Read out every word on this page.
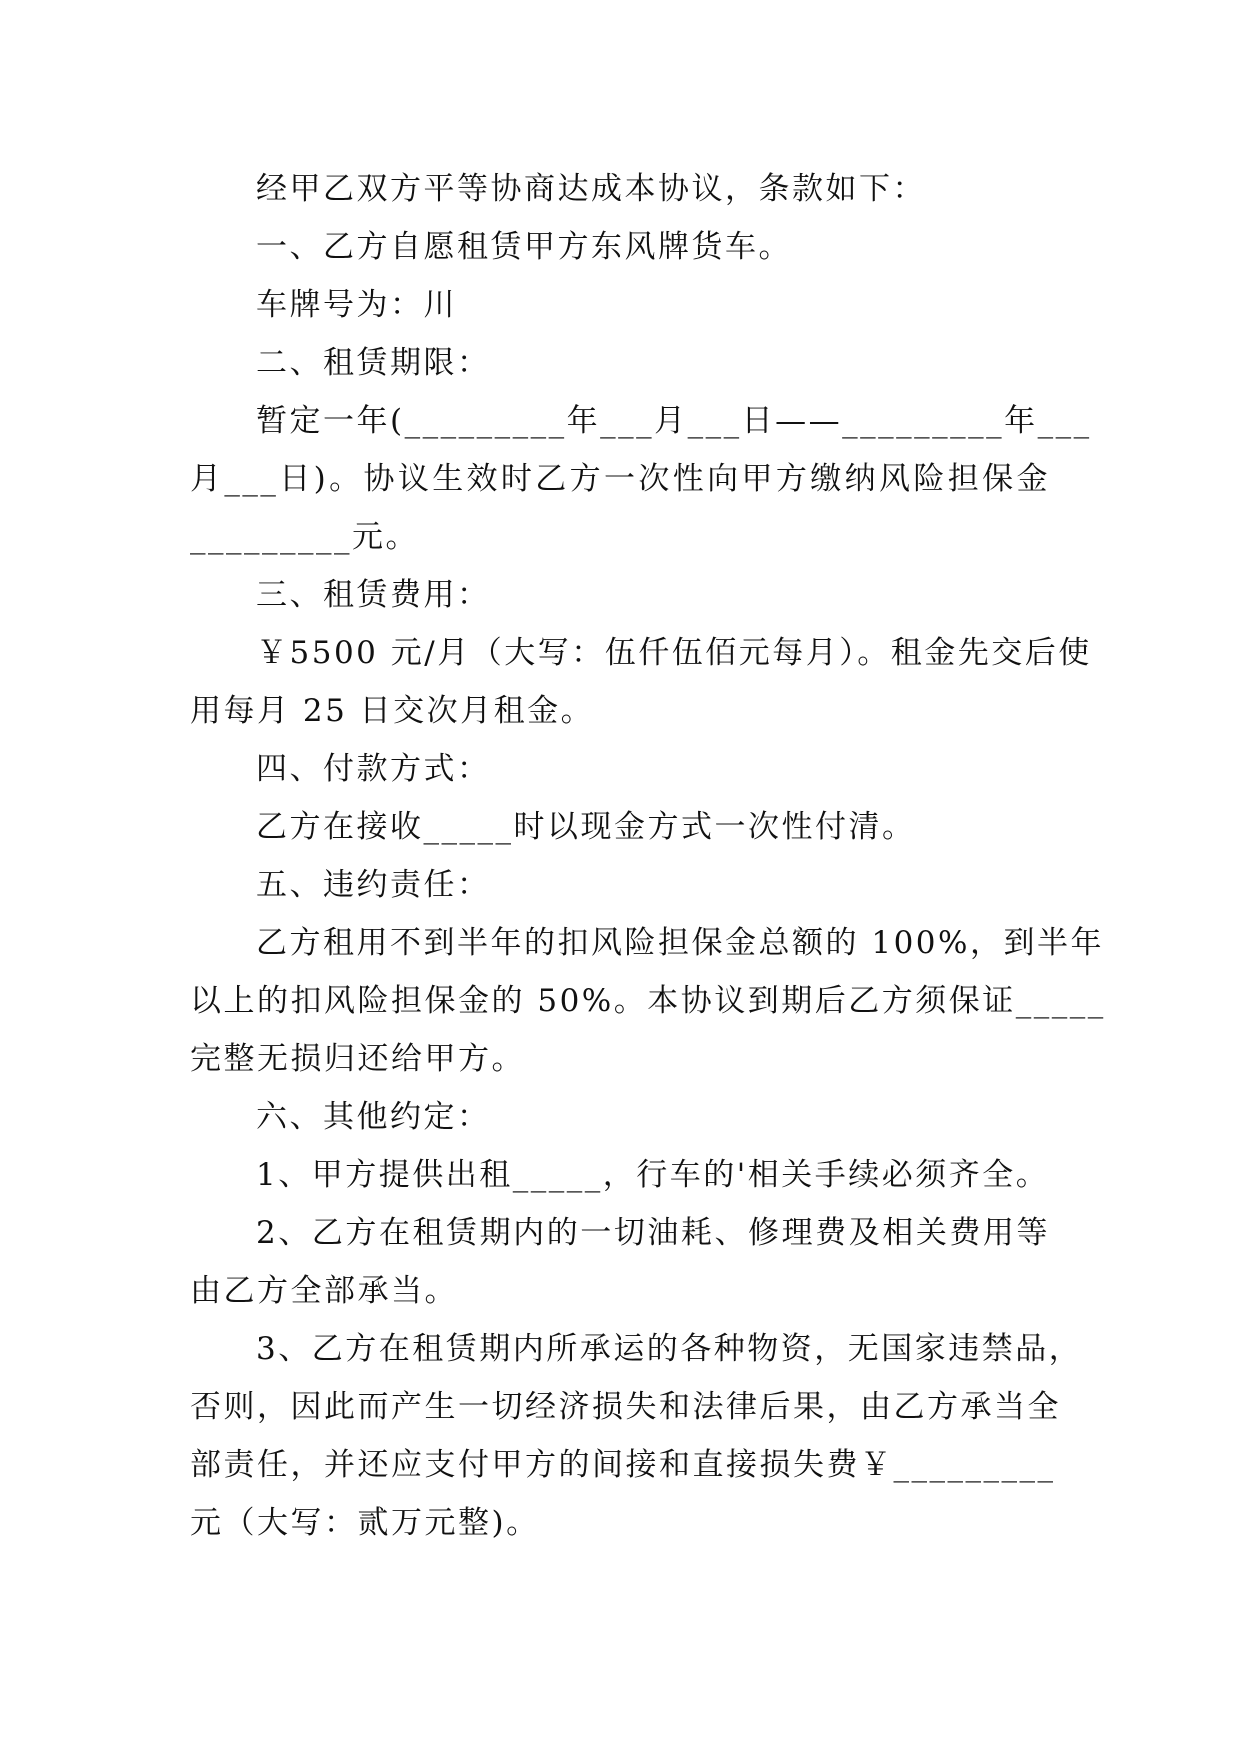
经甲乙双方平等协商达成本协议，条款如下：
一、乙方自愿租赁甲方东风牌货车。
车牌号为：川
二、租赁期限：
暂定一年(_________年___月___日——_________年___
月___日)。协议生效时乙方一次性向甲方缴纳风险担保金
_________元。
三、租赁费用：
￥5500 元/月（大写：伍仟伍佰元每月）。租金先交后使
用每月 25 日交次月租金。
四、付款方式：
乙方在接收_____时以现金方式一次性付清。
五、违约责任：
乙方租用不到半年的扣风险担保金总额的 100%，到半年
以上的扣风险担保金的 50%。本协议到期后乙方须保证_____
完整无损归还给甲方。
六、其他约定：
1、甲方提供出租_____，行车的'相关手续必须齐全。
2、乙方在租赁期内的一切油耗、修理费及相关费用等
由乙方全部承当。
3、乙方在租赁期内所承运的各种物资，无国家违禁品，
否则，因此而产生一切经济损失和法律后果，由乙方承当全
部责任，并还应支付甲方的间接和直接损失费￥_________
元（大写：贰万元整)。
